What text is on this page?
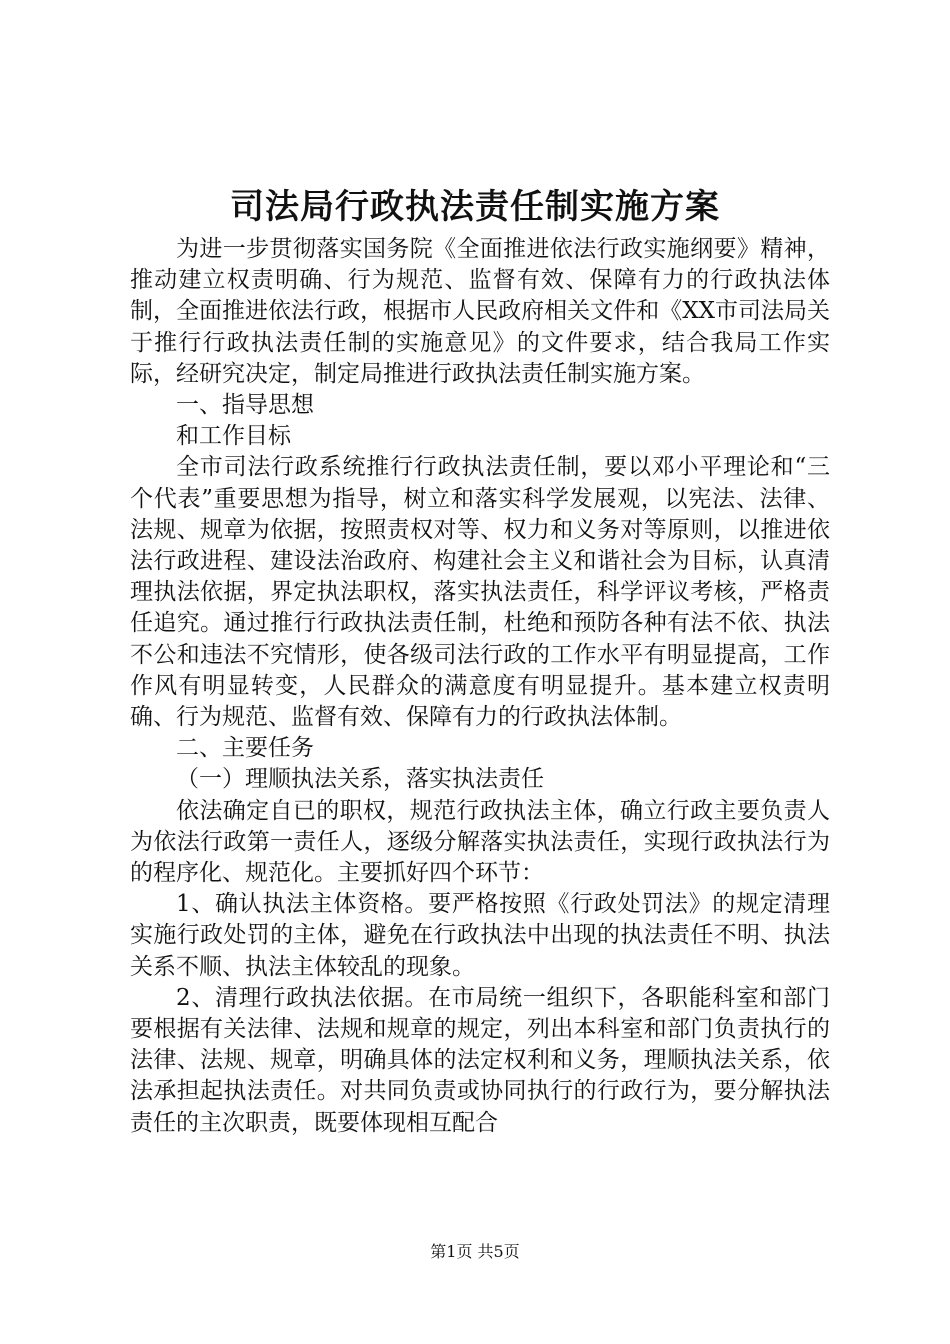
司法局行政执法责任制实施方案

为进一步贯彻落实国务院《全面推进依法行政实施纲要》精神，推动建立权责明确、行为规范、监督有效、保障有力的行政执法体制，全面推进依法行政，根据市人民政府相关文件和《XX市司法局关于推行行政执法责任制的实施意见》的文件要求，结合我局工作实际，经研究决定，制定局推进行政执法责任制实施方案。

一、指导思想

和工作目标

全市司法行政系统推行行政执法责任制，要以邓小平理论和“三个代表”重要思想为指导，树立和落实科学发展观，以宪法、法律、法规、规章为依据，按照责权对等、权力和义务对等原则，以推进依法行政进程、建设法治政府、构建社会主义和谐社会为目标，认真清理执法依据，界定执法职权，落实执法责任，科学评议考核，严格责任追究。通过推行行政执法责任制，杜绝和预防各种有法不依、执法不公和违法不究情形，使各级司法行政的工作水平有明显提高，工作作风有明显转变，人民群众的满意度有明显提升。基本建立权责明确、行为规范、监督有效、保障有力的行政执法体制。

二、主要任务

（一）理顺执法关系，落实执法责任

依法确定自已的职权，规范行政执法主体，确立行政主要负责人为依法行政第一责任人，逐级分解落实执法责任，实现行政执法行为的程序化、规范化。主要抓好四个环节：

1、确认执法主体资格。要严格按照《行政处罚法》的规定清理实施行政处罚的主体，避免在行政执法中出现的执法责任不明、执法关系不顺、执法主体较乱的现象。

2、清理行政执法依据。在市局统一组织下，各职能科室和部门要根据有关法律、法规和规章的规定，列出本科室和部门负责执行的法律、法规、规章，明确具体的法定权利和义务，理顺执法关系，依法承担起执法责任。对共同负责或协同执行的行政行为，要分解执法责任的主次职责，既要体现相互配合

第1页 共5页
